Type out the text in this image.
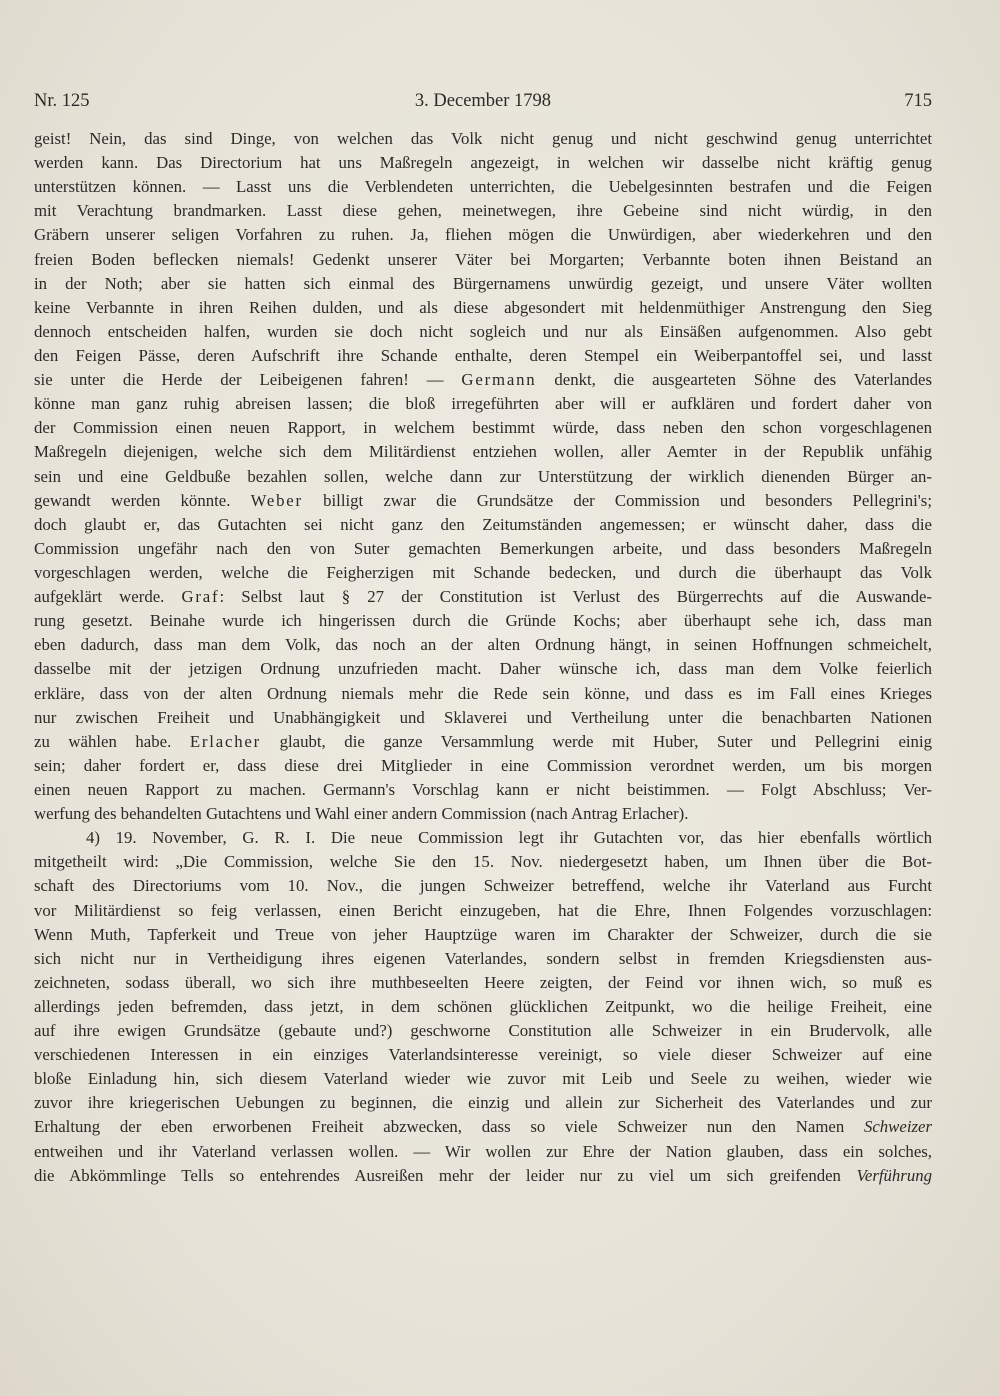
Nr. 125	3. December 1798	715
geist! Nein, das sind Dinge, von welchen das Volk nicht genug und nicht geschwind genug unterrichtet
werden kann. Das Directorium hat uns Maßregeln angezeigt, in welchen wir dasselbe nicht kräftig genug
unterstützen können. — Lasst uns die Verblendeten unterrichten, die Uebelgesinnten bestrafen und die Feigen
mit Verachtung brandmarken. Lasst diese gehen, meinetwegen, ihre Gebeine sind nicht würdig, in den
Gräbern unserer seligen Vorfahren zu ruhen. Ja, fliehen mögen die Unwürdigen, aber wiederkehren und den
freien Boden beflecken niemals! Gedenkt unserer Väter bei Morgarten; Verbannte boten ihnen Beistand an
in der Noth; aber sie hatten sich einmal des Bürgernamens unwürdig gezeigt, und unsere Väter wollten
keine Verbannte in ihren Reihen dulden, und als diese abgesondert mit heldenmüthiger Anstrengung den Sieg
dennoch entscheiden halfen, wurden sie doch nicht sogleich und nur als Einsäßen aufgenommen. Also gebt
den Feigen Pässe, deren Aufschrift ihre Schande enthalte, deren Stempel ein Weiberpantoffel sei, und lasst
sie unter die Herde der Leibeigenen fahren! — Germann denkt, die ausgearteten Söhne des Vaterlandes
könne man ganz ruhig abreisen lassen; die bloß irregeführten aber will er aufklären und fordert daher von
der Commission einen neuen Rapport, in welchem bestimmt würde, dass neben den schon vorgeschlagenen
Maßregeln diejenigen, welche sich dem Militärdienst entziehen wollen, aller Aemter in der Republik unfähig
sein und eine Geldbuße bezahlen sollen, welche dann zur Unterstützung der wirklich dienenden Bürger an-
gewandt werden könnte. Weber billigt zwar die Grundsätze der Commission und besonders Pellegrini's;
doch glaubt er, das Gutachten sei nicht ganz den Zeitumständen angemessen; er wünscht daher, dass die
Commission ungefähr nach den von Suter gemachten Bemerkungen arbeite, und dass besonders Maßregeln
vorgeschlagen werden, welche die Feigherzigen mit Schande bedecken, und durch die überhaupt das Volk
aufgeklärt werde. Graf: Selbst laut § 27 der Constitution ist Verlust des Bürgerrechts auf die Auswande-
rung gesetzt. Beinahe wurde ich hingerissen durch die Gründe Kochs; aber überhaupt sehe ich, dass man
eben dadurch, dass man dem Volk, das noch an der alten Ordnung hängt, in seinen Hoffnungen schmeichelt,
dasselbe mit der jetzigen Ordnung unzufrieden macht. Daher wünsche ich, dass man dem Volke feierlich
erkläre, dass von der alten Ordnung niemals mehr die Rede sein könne, und dass es im Fall eines Krieges
nur zwischen Freiheit und Unabhängigkeit und Sklaverei und Vertheilung unter die benachbarten Nationen
zu wählen habe. Erlacher glaubt, die ganze Versammlung werde mit Huber, Suter und Pellegrini einig
sein; daher fordert er, dass diese drei Mitglieder in eine Commission verordnet werden, um bis morgen
einen neuen Rapport zu machen. Germann's Vorschlag kann er nicht beistimmen. — Folgt Abschluss; Ver-
werfung des behandelten Gutachtens und Wahl einer andern Commission (nach Antrag Erlacher).
4) 19. November, G. R. I. Die neue Commission legt ihr Gutachten vor, das hier ebenfalls wörtlich
mitgetheilt wird: „Die Commission, welche Sie den 15. Nov. niedergesetzt haben, um Ihnen über die Bot-
schaft des Directoriums vom 10. Nov., die jungen Schweizer betreffend, welche ihr Vaterland aus Furcht
vor Militärdienst so feig verlassen, einen Bericht einzugeben, hat die Ehre, Ihnen Folgendes vorzuschlagen:
Wenn Muth, Tapferkeit und Treue von jeher Hauptzüge waren im Charakter der Schweizer, durch die sie
sich nicht nur in Vertheidigung ihres eigenen Vaterlandes, sondern selbst in fremden Kriegsdiensten aus-
zeichneten, sodass überall, wo sich ihre muthbeseelten Heere zeigten, der Feind vor ihnen wich, so muß es
allerdings jeden befremden, dass jetzt, in dem schönen glücklichen Zeitpunkt, wo die heilige Freiheit, eine
auf ihre ewigen Grundsätze (gebaute und?) geschworne Constitution alle Schweizer in ein Brudervolk, alle
verschiedenen Interessen in ein einziges Vaterlandsinteresse vereinigt, so viele dieser Schweizer auf eine
bloße Einladung hin, sich diesem Vaterland wieder wie zuvor mit Leib und Seele zu weihen, wieder wie
zuvor ihre kriegerischen Uebungen zu beginnen, die einzig und allein zur Sicherheit des Vaterlandes und zur
Erhaltung der eben erworbenen Freiheit abzwecken, dass so viele Schweizer nun den Namen Schweizer
entweihen und ihr Vaterland verlassen wollen. — Wir wollen zur Ehre der Nation glauben, dass ein solches,
die Abkömmlinge Tells so entehrendes Ausreißen mehr der leider nur zu viel um sich greifenden Verführung
